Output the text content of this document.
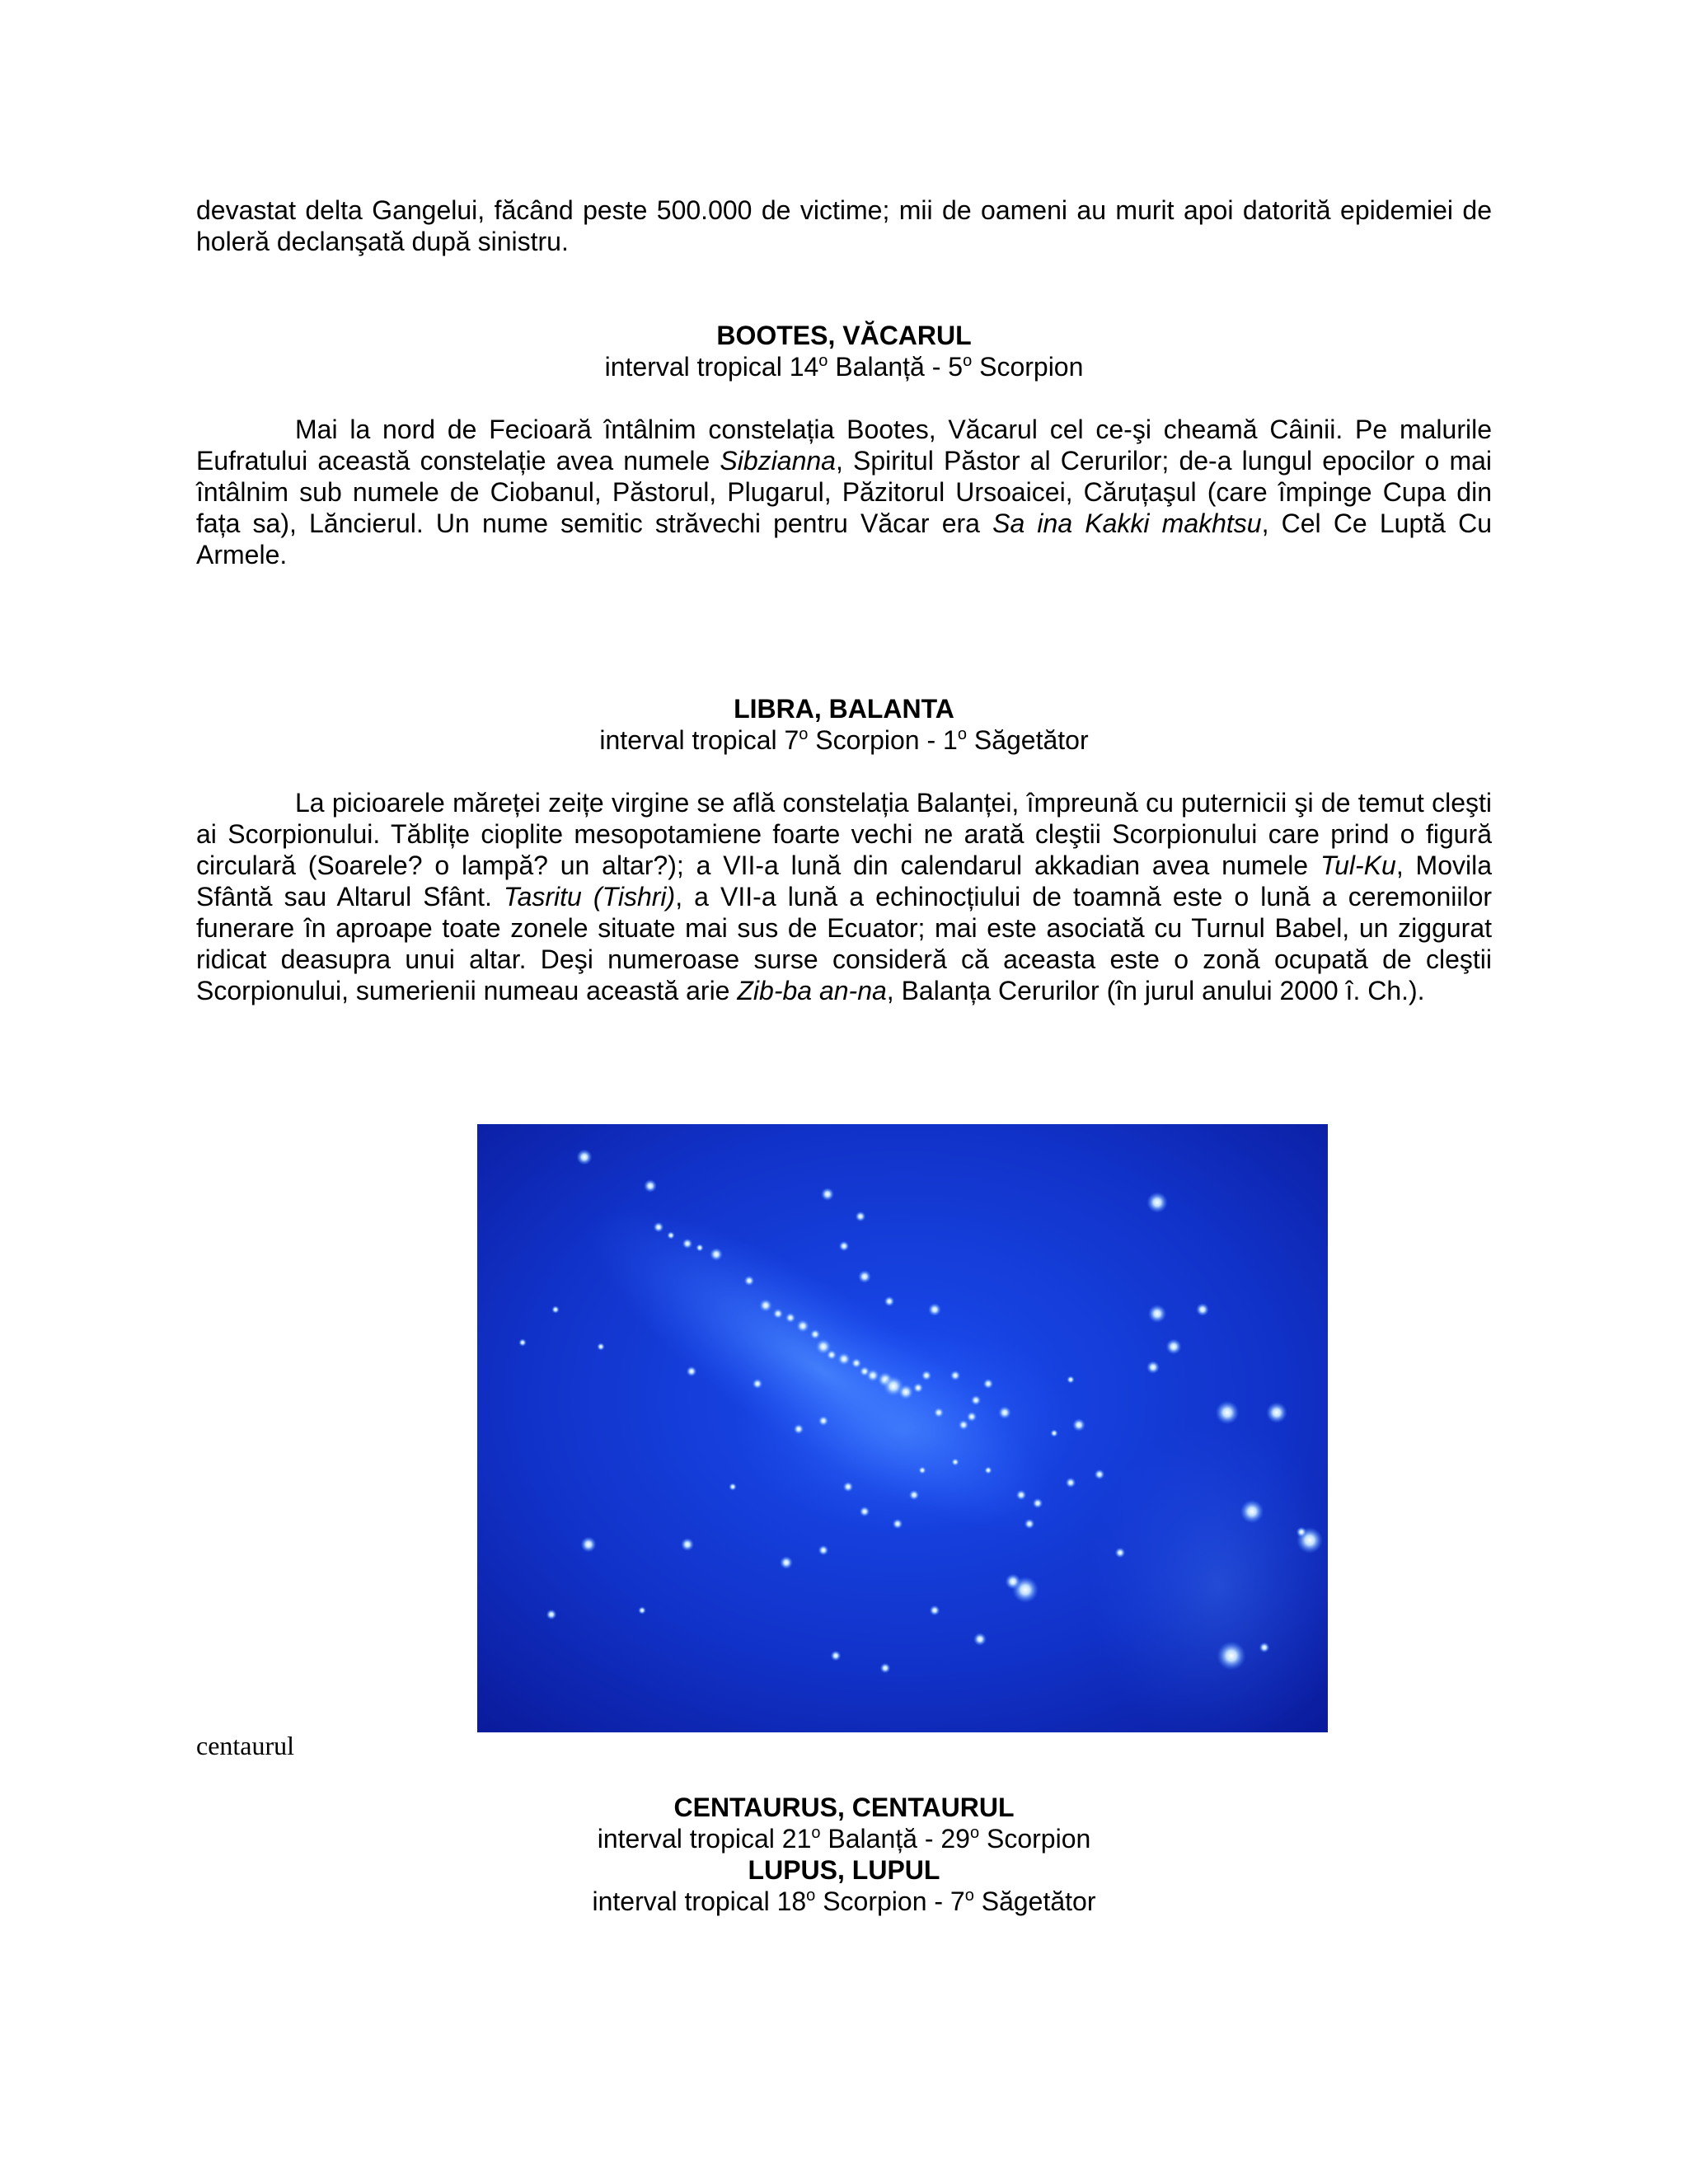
devastat delta Gangelui, făcând peste 500.000 de victime; mii de oameni au murit apoi datorită epidemiei de holeră declanşată după sinistru.
BOOTES, VĂCARUL
interval tropical 14$^o$ Balanță - 5$^o$ Scorpion
Mai la nord de Fecioară întâlnim constelația Bootes, Văcarul cel ce-şi cheamă Câinii. Pe malurile Eufratului această constelație avea numele Sibzianna, Spiritul Păstor al Cerurilor; de-a lungul epocilor o mai întâlnim sub numele de Ciobanul, Păstorul, Plugarul, Păzitorul Ursoaicei, Căruțaşul (care împinge Cupa din fața sa), Lăncierul. Un nume semitic străvechi pentru Văcar era Sa ina Kakki makhtsu, Cel Ce Luptă Cu Armele.
LIBRA, BALANTA
interval tropical 7$^o$ Scorpion - 1$^o$ Săgetător
La picioarele măreței zeițe virgine se află constelația Balanței, împreună cu puternicii şi de temut cleşti ai Scorpionului. Tăblițe cioplite mesopotamiene foarte vechi ne arată cleştii Scorpionului care prind o figură circulară (Soarele? o lampă? un altar?); a VII-a lună din calendarul akkadian avea numele Tul-Ku, Movila Sfântă sau Altarul Sfânt. Tasritu (Tishri), a VII-a lună a echinocțiului de toamnă este o lună a ceremoniilor funerare în aproape toate zonele situate mai sus de Ecuator; mai este asociată cu Turnul Babel, un ziggurat ridicat deasupra unui altar. Deşi numeroase surse consideră că aceasta este o zonă ocupată de cleştii Scorpionului, sumerienii numeau această arie Zib-ba an-na, Balanța Cerurilor (în jurul anului 2000 î. Ch.).
centaurul
CENTAURUS, CENTAURUL
interval tropical 21$^o$ Balanță - 29$^o$ Scorpion
LUPUS, LUPUL
interval tropical 18$^o$ Scorpion - 7$^o$ Săgetător
